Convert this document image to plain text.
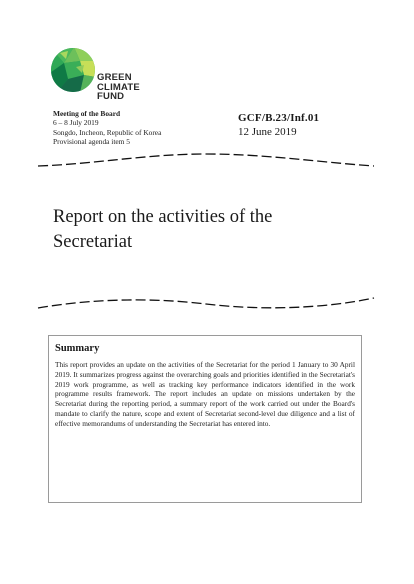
GREEN
CLIMATE
FUND
Meeting of the Board
6 – 8 July 2019
Songdo, Incheon, Republic of Korea
Provisional agenda item 5
GCF/B.23/Inf.01
12 June 2019
Report on the activities of the Secretariat
Summary
This report provides an update on the activities of the Secretariat for the period 1 January to 30 April 2019. It summarizes progress against the overarching goals and priorities identified in the Secretariat's 2019 work programme, as well as tracking key performance indicators identified in the work programme results framework. The report includes an update on missions undertaken by the Secretariat during the reporting period, a summary report of the work carried out under the Board's mandate to clarify the nature, scope and extent of Secretariat second-level due diligence and a list of effective memorandums of understanding the Secretariat has entered into.
